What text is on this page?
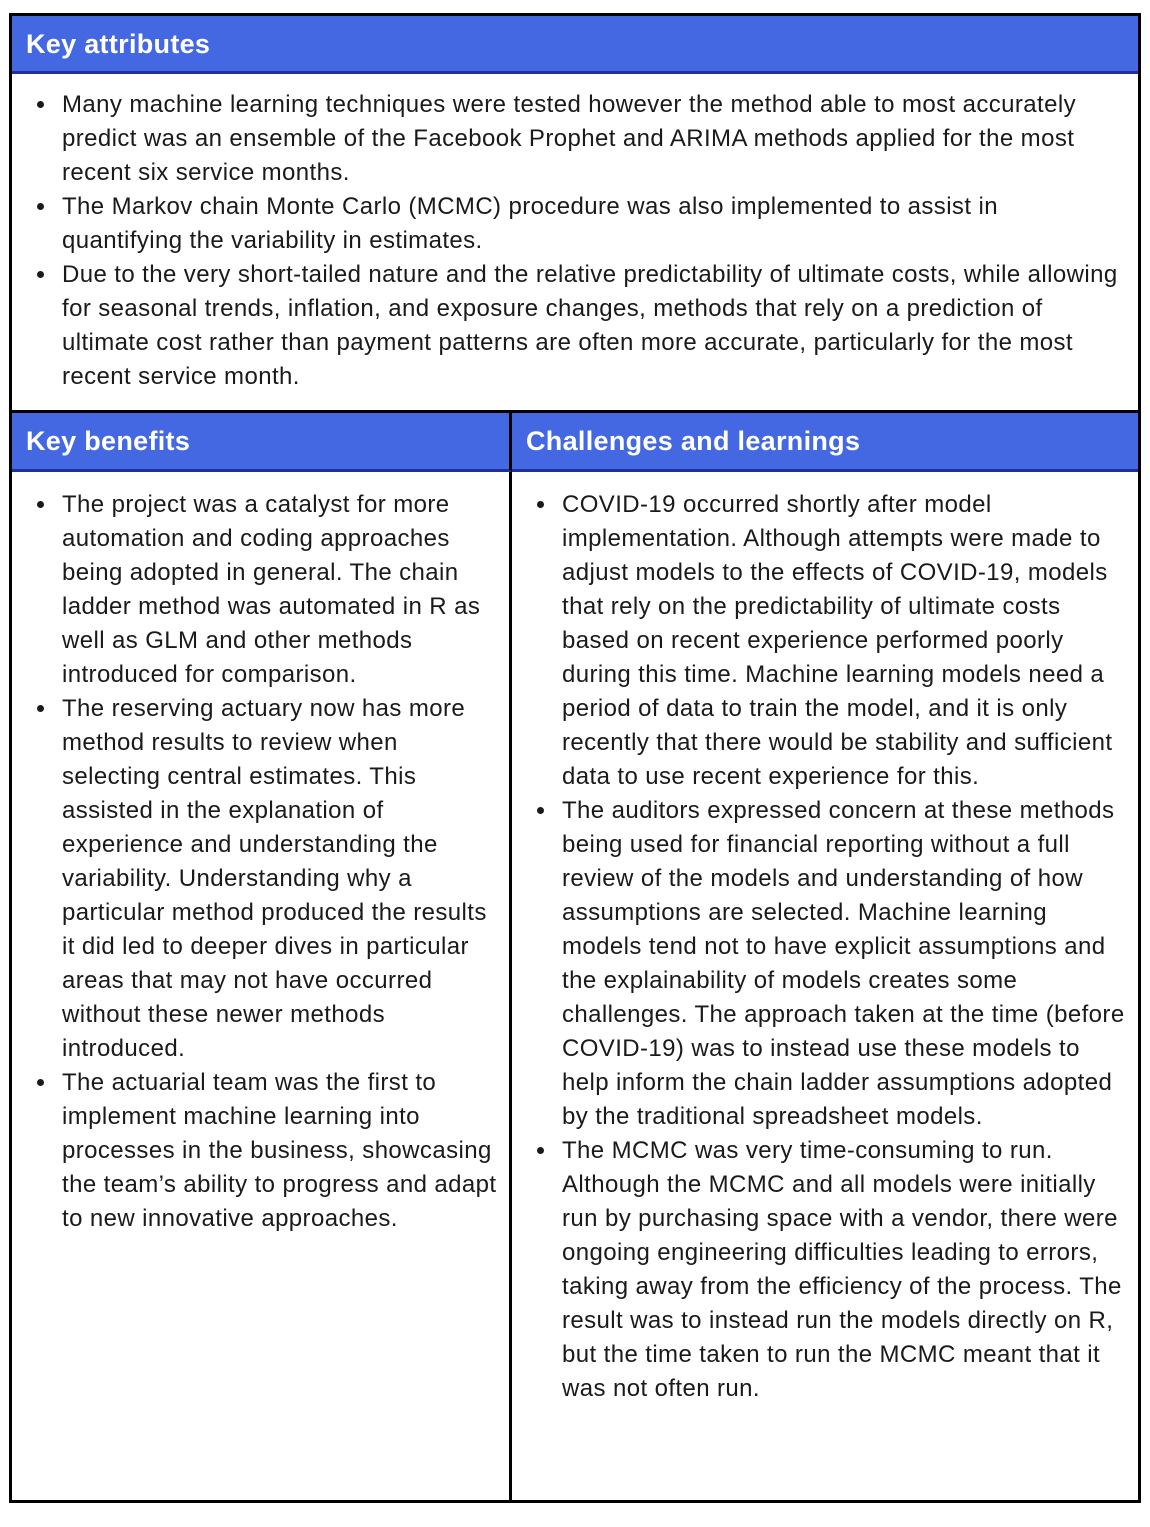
Key attributes
• Many machine learning techniques were tested however the method able to most accurately predict was an ensemble of the Facebook Prophet and ARIMA methods applied for the most recent six service months.
• The Markov chain Monte Carlo (MCMC) procedure was also implemented to assist in quantifying the variability in estimates.
• Due to the very short-tailed nature and the relative predictability of ultimate costs, while allowing for seasonal trends, inflation, and exposure changes, methods that rely on a prediction of ultimate cost rather than payment patterns are often more accurate, particularly for the most recent service month.
Key benefits	Challenges and learnings
• The project was a catalyst for more automation and coding approaches being adopted in general. The chain ladder method was automated in R as well as GLM and other methods introduced for comparison.
• The reserving actuary now has more method results to review when selecting central estimates. This assisted in the explanation of experience and understanding the variability. Understanding why a particular method produced the results it did led to deeper dives in particular areas that may not have occurred without these newer methods introduced.
• The actuarial team was the first to implement machine learning into processes in the business, showcasing the team’s ability to progress and adapt to new innovative approaches.
• COVID-19 occurred shortly after model implementation. Although attempts were made to adjust models to the effects of COVID-19, models that rely on the predictability of ultimate costs based on recent experience performed poorly during this time. Machine learning models need a period of data to train the model, and it is only recently that there would be stability and sufficient data to use recent experience for this.
• The auditors expressed concern at these methods being used for financial reporting without a full review of the models and understanding of how assumptions are selected. Machine learning models tend not to have explicit assumptions and the explainability of models creates some challenges. The approach taken at the time (before COVID-19) was to instead use these models to help inform the chain ladder assumptions adopted by the traditional spreadsheet models.
• The MCMC was very time-consuming to run. Although the MCMC and all models were initially run by purchasing space with a vendor, there were ongoing engineering difficulties leading to errors, taking away from the efficiency of the process. The result was to instead run the models directly on R, but the time taken to run the MCMC meant that it was not often run.
